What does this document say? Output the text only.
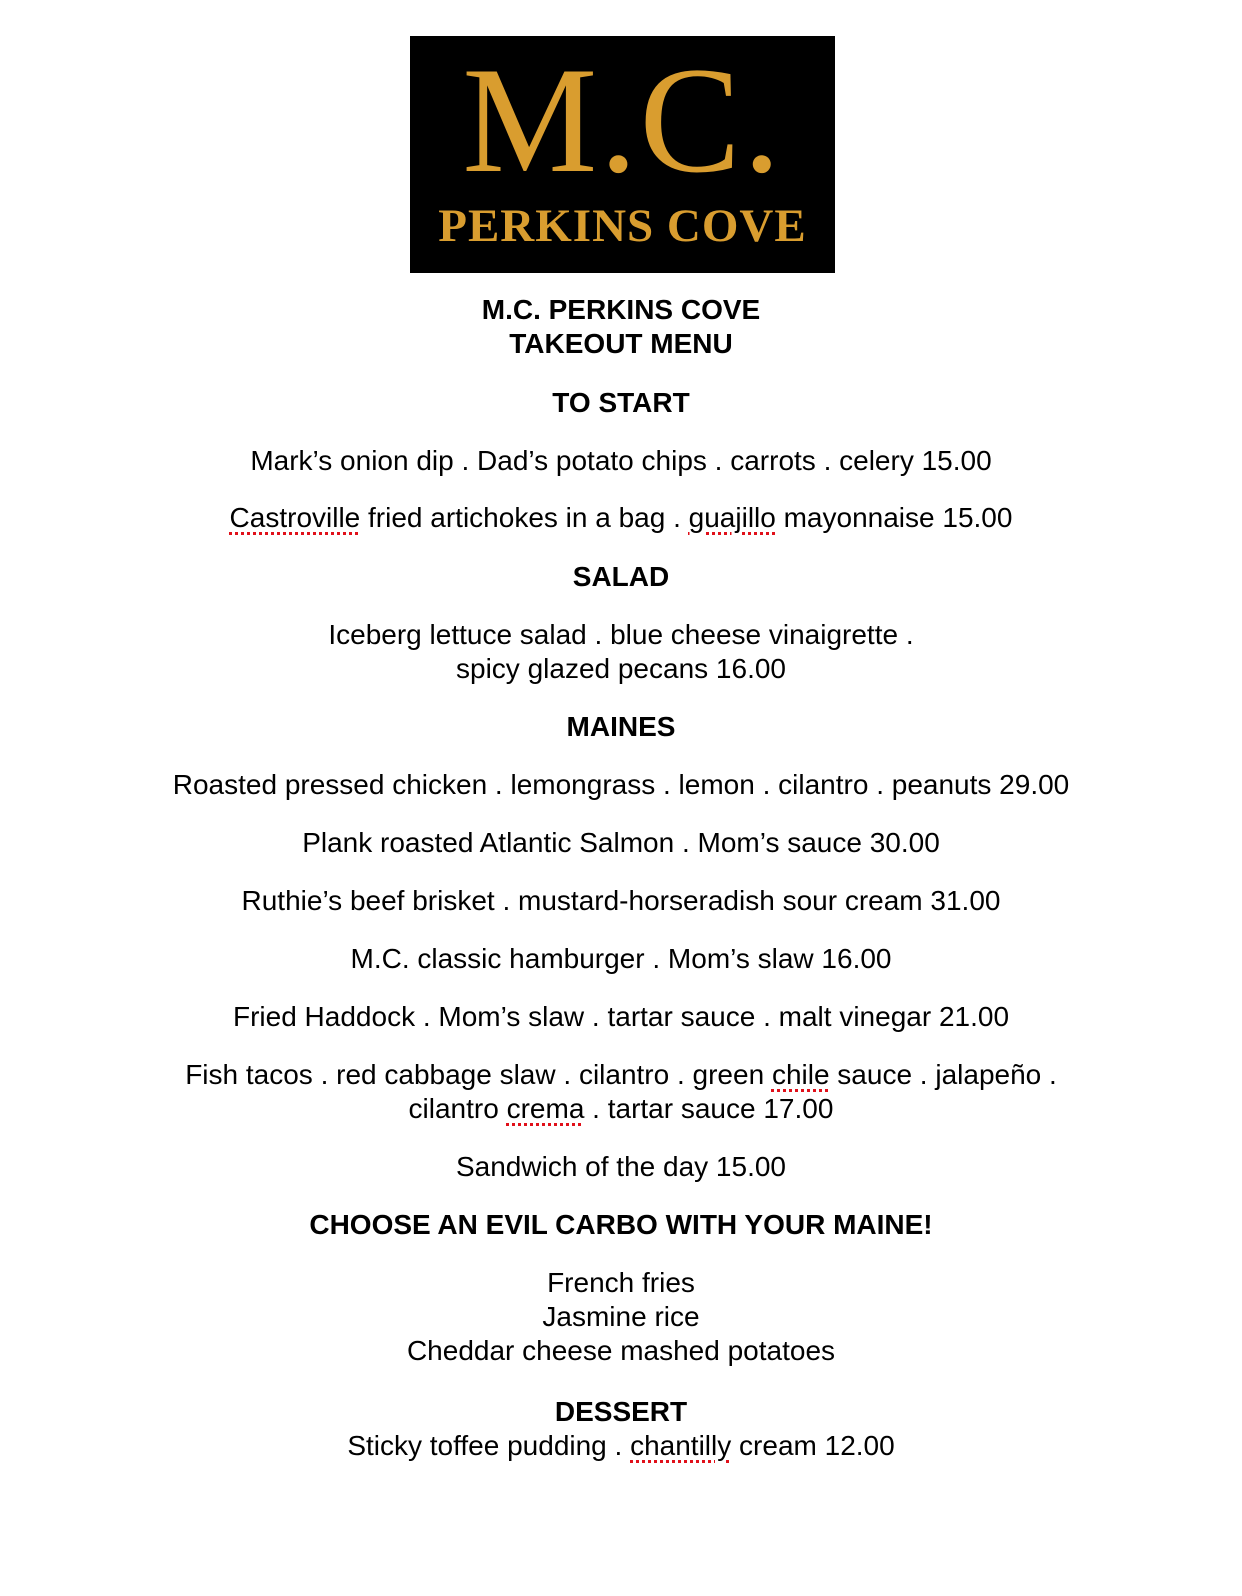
M.C.
PERKINS COVE
M.C. PERKINS COVE
TAKEOUT MENU
TO START
Mark’s onion dip . Dad’s potato chips . carrots . celery 15.00
Castroville fried artichokes in a bag . guajillo mayonnaise 15.00
SALAD
Iceberg lettuce salad . blue cheese vinaigrette .
spicy glazed pecans 16.00
MAINES
Roasted pressed chicken . lemongrass . lemon . cilantro . peanuts 29.00
Plank roasted Atlantic Salmon . Mom’s sauce 30.00
Ruthie’s beef brisket . mustard-horseradish sour cream 31.00
M.C. classic hamburger . Mom’s slaw 16.00
Fried Haddock . Mom’s slaw . tartar sauce . malt vinegar 21.00
Fish tacos . red cabbage slaw . cilantro . green chile sauce . jalapeño .
cilantro crema . tartar sauce 17.00
Sandwich of the day 15.00
CHOOSE AN EVIL CARBO WITH YOUR MAINE!
French fries
Jasmine rice
Cheddar cheese mashed potatoes
DESSERT
Sticky toffee pudding . chantilly cream 12.00
